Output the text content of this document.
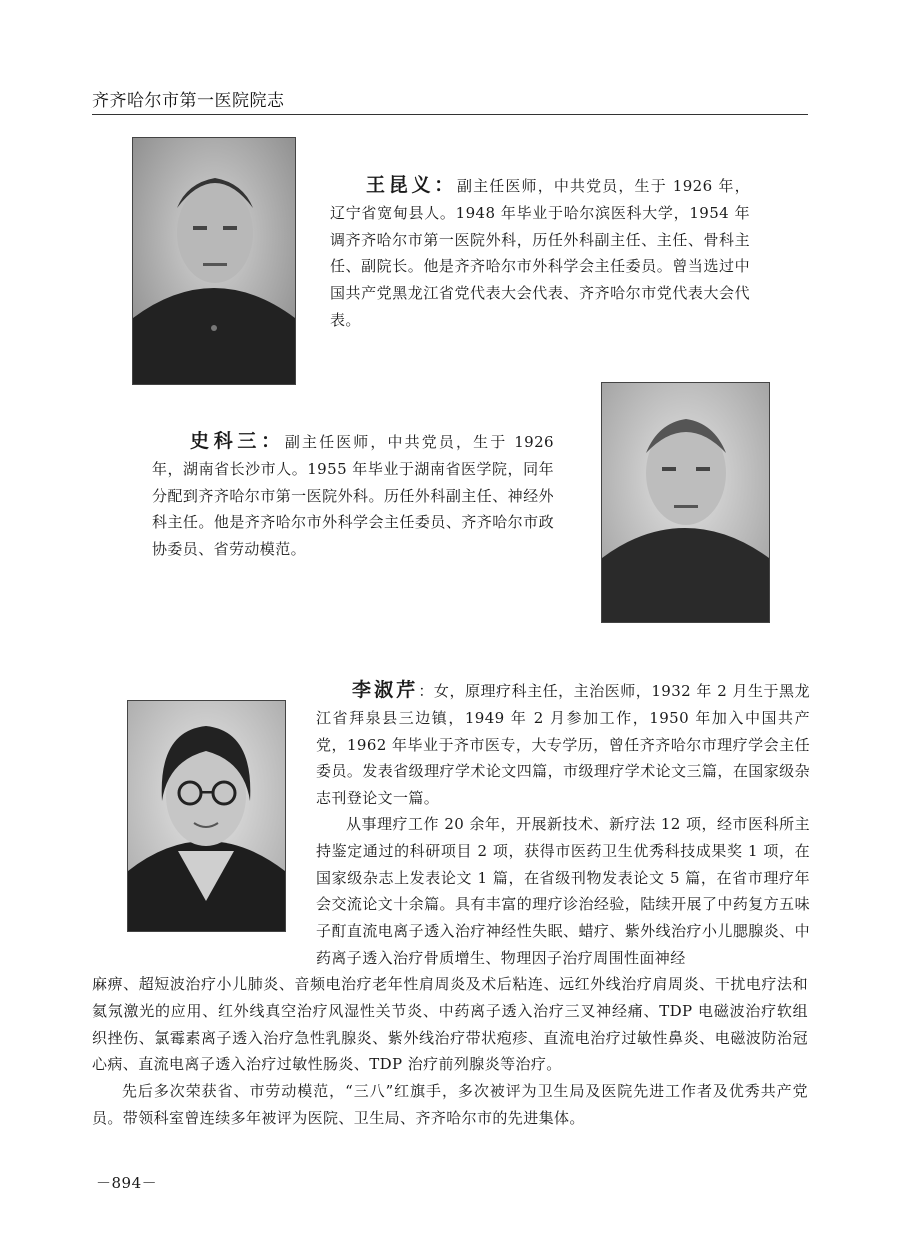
齐齐哈尔市第一医院院志
王昆义：副主任医师，中共党员，生于 1926 年，辽宁省宽甸县人。1948 年毕业于哈尔滨医科大学，1954 年调齐齐哈尔市第一医院外科，历任外科副主任、主任、骨科主任、副院长。他是齐齐哈尔市外科学会主任委员。曾当选过中国共产党黑龙江省党代表大会代表、齐齐哈尔市党代表大会代表。
史科三：副主任医师，中共党员，生于 1926 年，湖南省长沙市人。1955 年毕业于湖南省医学院，同年分配到齐齐哈尔市第一医院外科。历任外科副主任、神经外科主任。他是齐齐哈尔市外科学会主任委员、齐齐哈尔市政协委员、省劳动模范。
李淑芹：女，原理疗科主任，主治医师，1932 年 2 月生于黑龙江省拜泉县三边镇，1949 年 2 月参加工作，1950 年加入中国共产党，1962 年毕业于齐市医专，大专学历，曾任齐齐哈尔市理疗学会主任委员。发表省级理疗学术论文四篇，市级理疗学术论文三篇，在国家级杂志刊登论文一篇。
从事理疗工作 20 余年，开展新技术、新疗法 12 项，经市医科所主持鉴定通过的科研项目 2 项，获得市医药卫生优秀科技成果奖 1 项，在国家级杂志上发表论文 1 篇，在省级刊物发表论文 5 篇，在省市理疗年会交流论文十余篇。具有丰富的理疗诊治经验，陆续开展了中药复方五味子酊直流电离子透入治疗神经性失眠、蜡疗、紫外线治疗小儿腮腺炎、中药离子透入治疗骨质增生、物理因子治疗周围性面神经
麻痹、超短波治疗小儿肺炎、音频电治疗老年性肩周炎及术后粘连、远红外线治疗肩周炎、干扰电疗法和氦氖激光的应用、红外线真空治疗风湿性关节炎、中药离子透入治疗三叉神经痛、TDP 电磁波治疗软组织挫伤、氯霉素离子透入治疗急性乳腺炎、紫外线治疗带状疱疹、直流电治疗过敏性鼻炎、电磁波防治冠心病、直流电离子透入治疗过敏性肠炎、TDP 治疗前列腺炎等治疗。
先后多次荣获省、市劳动模范，“三八”红旗手，多次被评为卫生局及医院先进工作者及优秀共产党员。带领科室曾连续多年被评为医院、卫生局、齐齐哈尔市的先进集体。
－894－
